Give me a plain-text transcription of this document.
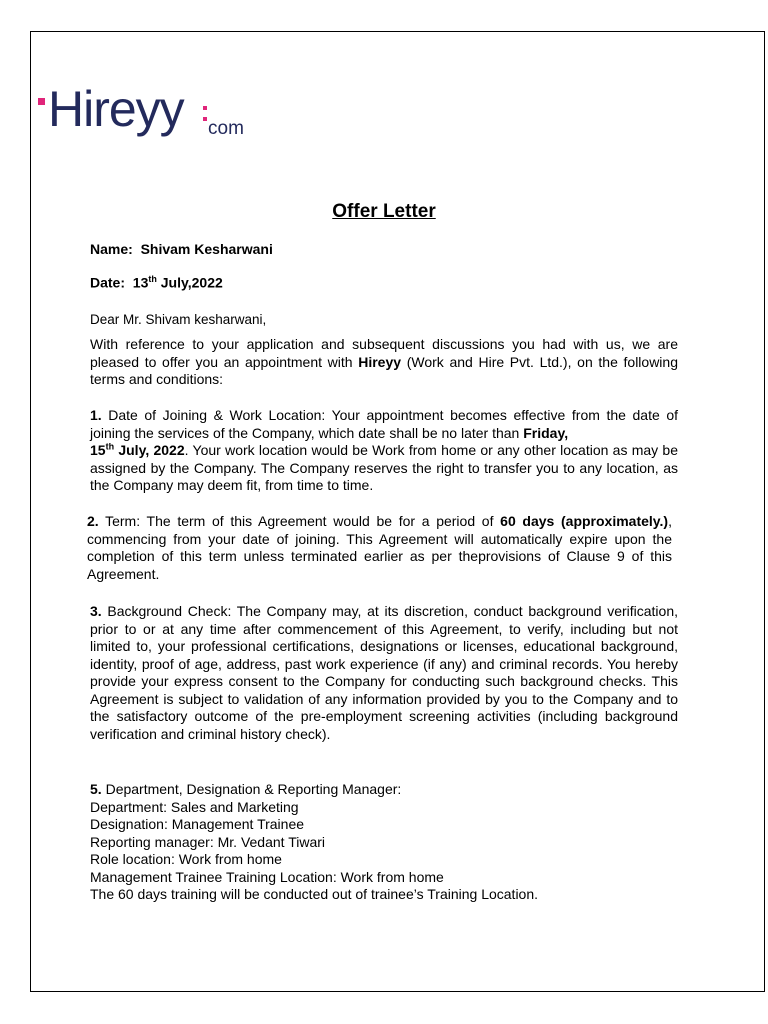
Hireyy com
Offer Letter
Name: Shivam Kesharwani
Date: 13th July,2022
Dear Mr. Shivam kesharwani,

With reference to your application and subsequent discussions you had with us, we are pleased to offer you an appointment with Hireyy (Work and Hire Pvt. Ltd.), on the following terms and conditions:

1. Date of Joining & Work Location: Your appointment becomes effective from the date of joining the services of the Company, which date shall be no later than Friday,
15th July, 2022. Your work location would be Work from home or any other location as may be assigned by the Company. The Company reserves the right to transfer you to any location, as the Company may deem fit, from time to time.

2. Term: The term of this Agreement would be for a period of 60 days (approximately.), commencing from your date of joining. This Agreement will automatically expire upon the completion of this term unless terminated earlier as per theprovisions of Clause 9 of this Agreement.

3. Background Check: The Company may, at its discretion, conduct background verification, prior to or at any time after commencement of this Agreement, to verify, including but not limited to, your professional certifications, designations or licenses, educational background, identity, proof of age, address, past work experience (if any) and criminal records. You hereby provide your express consent to the Company for conducting such background checks. This Agreement is subject to validation of any information provided by you to the Company and to the satisfactory outcome of the pre-employment screening activities (including background verification and criminal history check).

5. Department, Designation & Reporting Manager:
Department: Sales and Marketing
Designation: Management Trainee
Reporting manager: Mr. Vedant Tiwari
Role location: Work from home
Management Trainee Training Location: Work from home
The 60 days training will be conducted out of trainee’s Training Location.
